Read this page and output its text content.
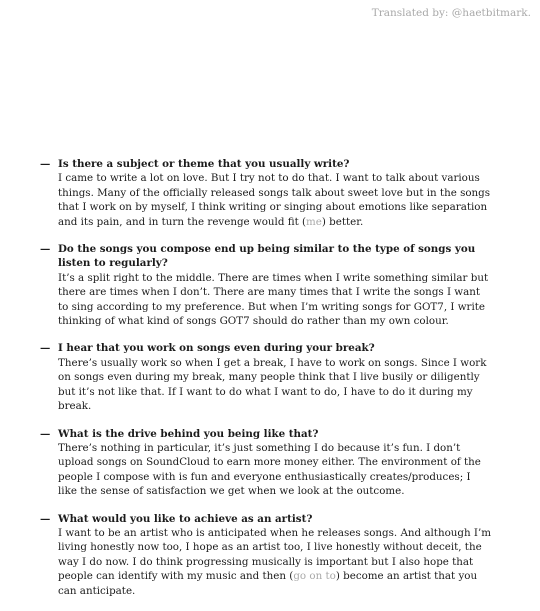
Translated by: @haetbitmark.
— Is there a subject or theme that you usually write?
I came to write a lot on love. But I try not to do that. I want to talk about various things. Many of the officially released songs talk about sweet love but in the songs that I work on by myself, I think writing or singing about emotions like separation and its pain, and in turn the revenge would fit (me) better.
— Do the songs you compose end up being similar to the type of songs you listen to regularly?
It’s a split right to the middle. There are times when I write something similar but there are times when I don’t. There are many times that I write the songs I want to sing according to my preference. But when I’m writing songs for GOT7, I write thinking of what kind of songs GOT7 should do rather than my own colour.
— I hear that you work on songs even during your break?
There’s usually work so when I get a break, I have to work on songs. Since I work on songs even during my break, many people think that I live busily or diligently but it’s not like that. If I want to do what I want to do, I have to do it during my break.
— What is the drive behind you being like that?
There’s nothing in particular, it’s just something I do because it’s fun. I don’t upload songs on SoundCloud to earn more money either. The environment of the people I compose with is fun and everyone enthusiastically creates/produces; I like the sense of satisfaction we get when we look at the outcome.
— What would you like to achieve as an artist?
I want to be an artist who is anticipated when he releases songs. And although I’m living honestly now too, I hope as an artist too, I live honestly without deceit, the way I do now. I do think progressing musically is important but I also hope that people can identify with my music and then (go on to) become an artist that you can anticipate.
